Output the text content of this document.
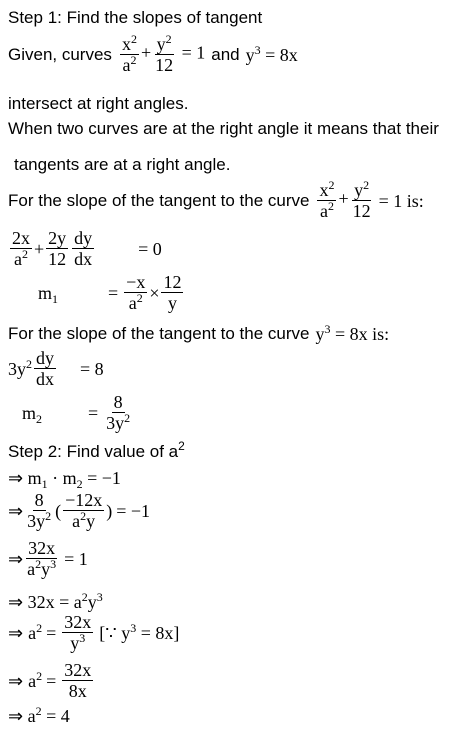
Step 1: Find the slopes of tangent
Given, curves $\frac{x^2}{a^2} + \frac{y^2}{12} = 1$ and $y^3 = 8x$
intersect at right angles.
When two curves are at the right angle it means that their
tangents are at a right angle.
For the slope of the tangent to the curve $\frac{x^2}{a^2} + \frac{y^2}{12} = 1$ is:
$\frac{2x}{a^2} + \frac{2y}{12} \frac{dy}{dx} = 0$
$m_1$	= $\frac{-x}{a^2} \times \frac{12}{y}$
For the slope of the tangent to the curve $y^3 = 8x$ is:
$3y^2 \frac{dy}{dx} = 8$
$m_2$	= $\frac{8}{3y^2}$
Step 2: Find value of $a^2$
⇒ $m_1 \cdot m_2 = -1$
⇒ $\frac{8}{3y^2}$ ( $\frac{-12x}{a^2y}$ ) = −1
⇒ $\frac{32x}{a^2y^3} = 1$
⇒ $32x = a^2y^3$
⇒ $a^2 = \frac{32x}{y^3}$ [∵ $y^3 = 8x$]
⇒ $a^2 = \frac{32x}{8x}$
⇒ $a^2 = 4$
